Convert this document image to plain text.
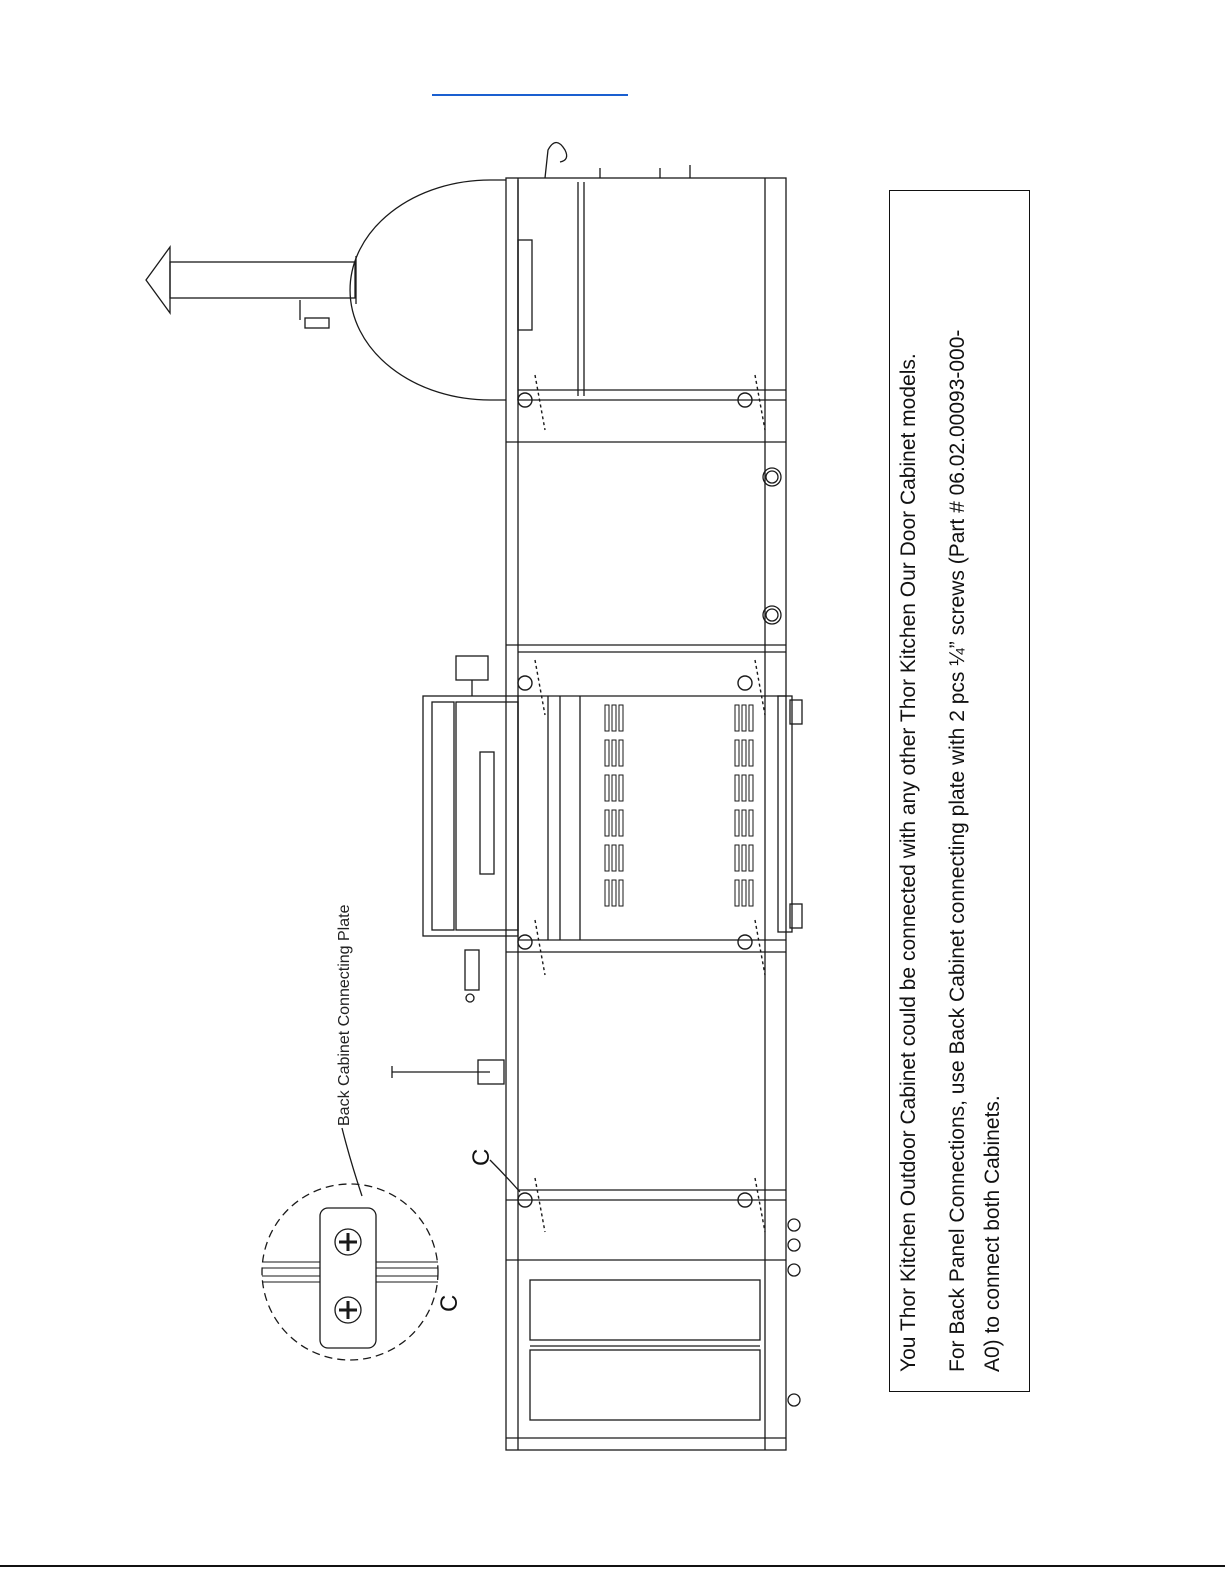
Back Cabinet Connecting Plate
C
C	You Thor Kitchen Outdoor Cabinet could be connected with any other Thor Kitchen Our Door Cabinet models. For Back Panel Connections, use Back Cabinet connecting plate with 2 pcs ¼” screws (Part # 06.02.00093-000- A0) to connect both Cabinets.
